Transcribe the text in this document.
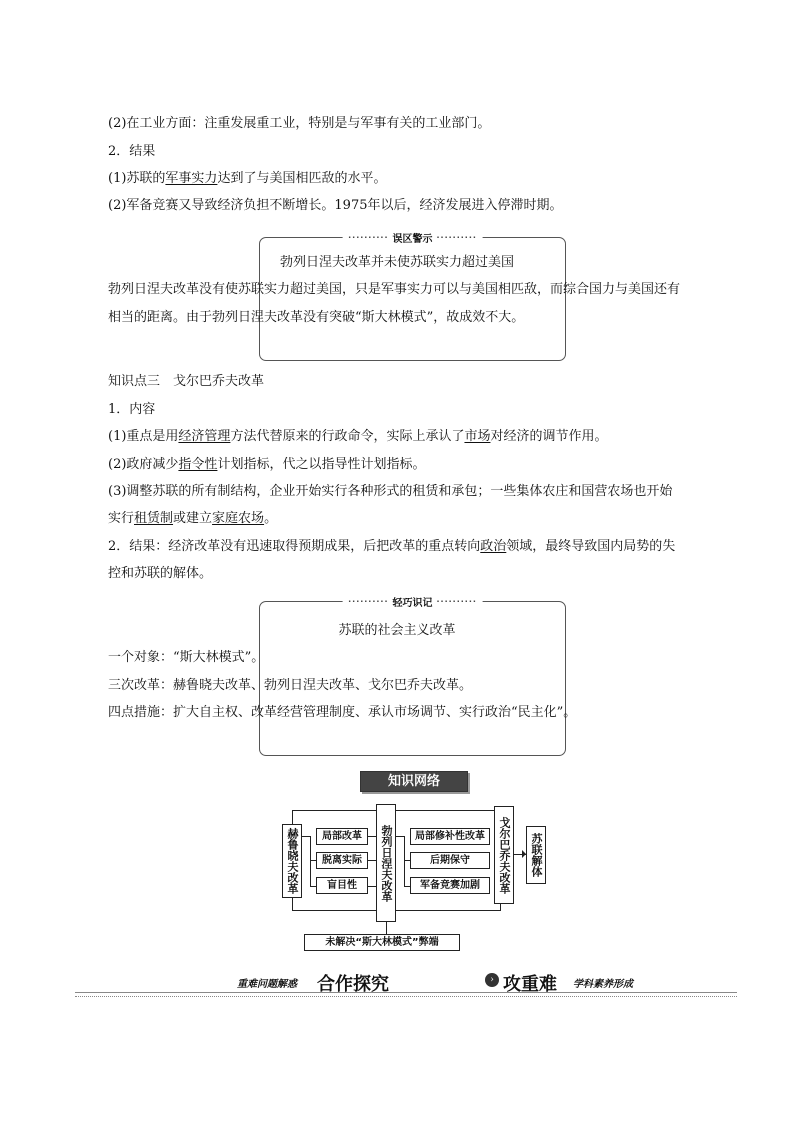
(2)在工业方面：注重发展重工业，特别是与军事有关的工业部门。
2．结果
(1)苏联的军事实力达到了与美国相匹敌的水平。
(2)军备竞赛又导致经济负担不断增长。1975年以后，经济发展进入停滞时期。
·········· 误区警示 ··········
勃列日涅夫改革并未使苏联实力超过美国
勃列日涅夫改革没有使苏联实力超过美国，只是军事实力可以与美国相匹敌，而综合国力与美国还有
相当的距离。由于勃列日涅夫改革没有突破“斯大林模式”，故成效不大。
知识点三　戈尔巴乔夫改革
1．内容
(1)重点是用经济管理方法代替原来的行政命令，实际上承认了市场对经济的调节作用。
(2)政府减少指令性计划指标，代之以指导性计划指标。
(3)调整苏联的所有制结构，企业开始实行各种形式的租赁和承包；一些集体农庄和国营农场也开始
实行租赁制或建立家庭农场。
2．结果：经济改革没有迅速取得预期成果，后把改革的重点转向政治领域，最终导致国内局势的失
控和苏联的解体。
·········· 轻巧识记 ··········
苏联的社会主义改革
一个对象：“斯大林模式”。
三次改革：赫鲁晓夫改革、勃列日涅夫改革、戈尔巴乔夫改革。
四点措施：扩大自主权、改革经营管理制度、承认市场调节、实行政治“民主化”。
知识网络
赫鲁晓夫改革	局部改革
脱离实际
盲目性	勃列日涅夫改革	局部修补性改革
后期保守
军备竞赛加剧	戈尔巴乔夫改革	苏联解体
未解决“斯大林模式”弊端
重难问题解惑 合作探究	› 攻重难 学科素养形成
